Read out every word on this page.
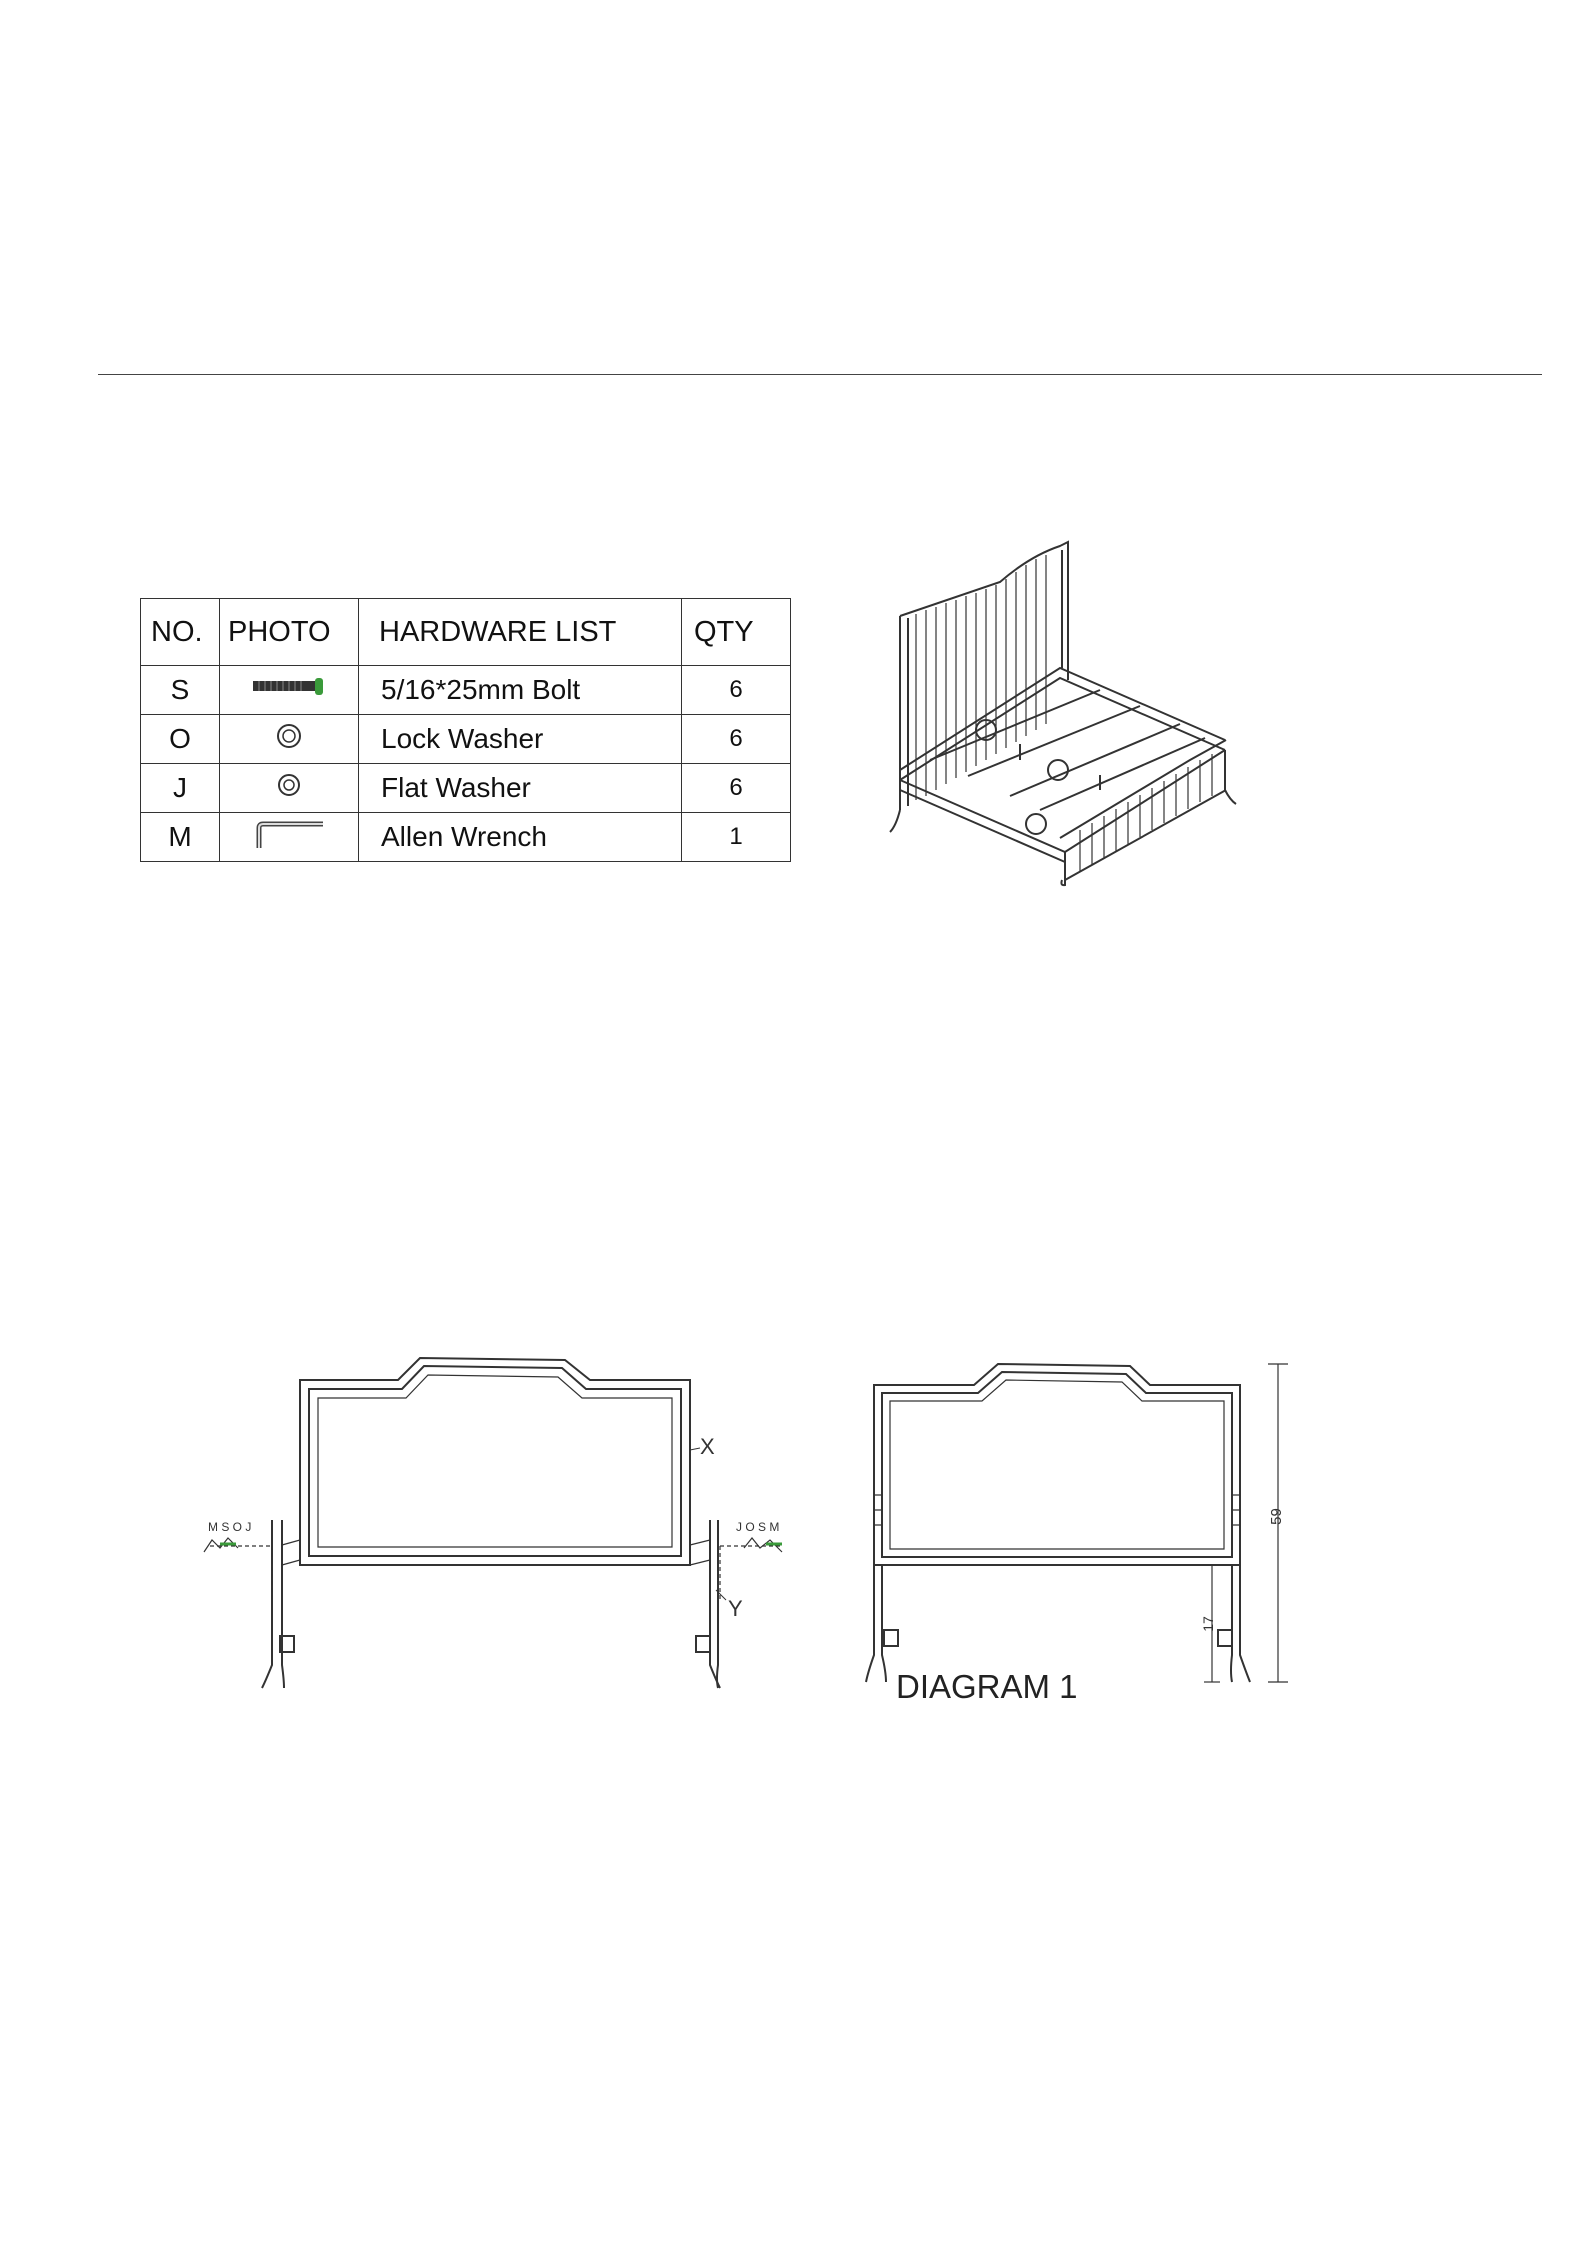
NO.	PHOTO	HARDWARE LIST	QTY
S		5/16*25mm Bolt	6
O		Lock Washer	6
J		Flat Washer	6
M		Allen Wrench	1
X
Y
M S O J	J O S M
59
17
DIAGRAM 1
